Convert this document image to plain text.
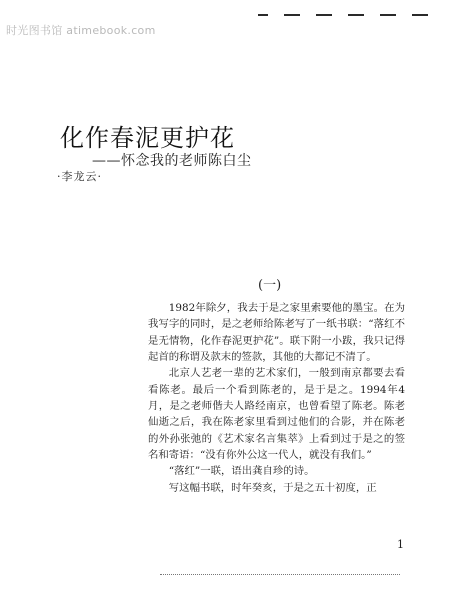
时光图书馆 atimebook.com
化作春泥更护花
——怀念我的老师陈白尘
·李龙云·
(一)

1982年除夕，我去于是之家里索要他的墨宝。在为我写字的同时，是之老师给陈老写了一纸书联：“落红不是无情物，化作春泥更护花”。联下附一小跋，我只记得起首的称谓及款末的签款，其他的大都记不清了。

北京人艺老一辈的艺术家们，一般到南京都要去看看陈老。最后一个看到陈老的，是于是之。1994年4月，是之老师偕夫人路经南京，也曾看望了陈老。陈老仙逝之后，我在陈老家里看到过他们的合影，并在陈老的外孙张弛的《艺术家名言集萃》上看到过于是之的签名和寄语：“没有你外公这一代人，就没有我们。”

“落红”一联，语出龚自珍的诗。

写这幅书联，时年癸亥，于是之五十初度，正

1
